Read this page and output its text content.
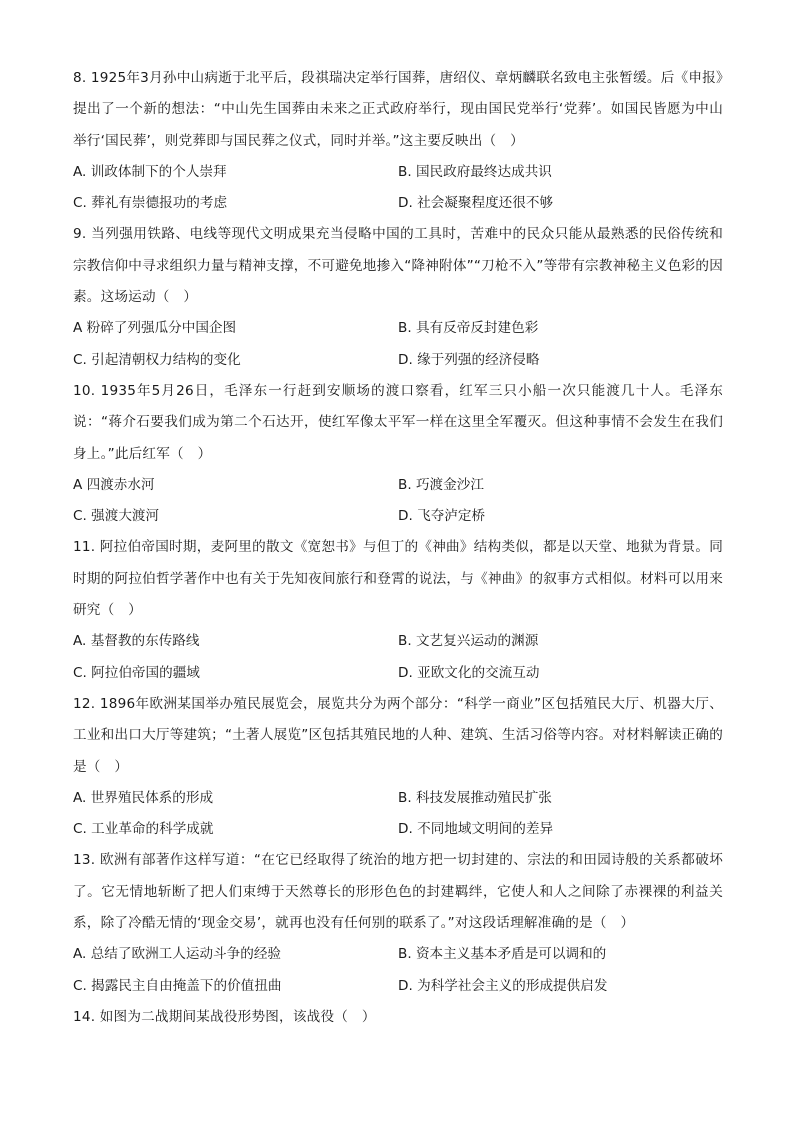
8. 1925年3月孙中山病逝于北平后，段祺瑞决定举行国葬，唐绍仪、章炳麟联名致电主张暂缓。后《申报》提出了一个新的想法：“中山先生国葬由未来之正式政府举行，现由国民党举行‘党葬’。如国民皆愿为中山举行‘国民葬’，则党葬即与国民葬之仪式，同时并举。”这主要反映出（　）
A. 训政体制下的个人崇拜	B. 国民政府最终达成共识
C. 葬礼有崇德报功的考虑	D. 社会凝聚程度还很不够
9. 当列强用铁路、电线等现代文明成果充当侵略中国的工具时，苦难中的民众只能从最熟悉的民俗传统和宗教信仰中寻求组织力量与精神支撑，不可避免地掺入“降神附体”“刀枪不入”等带有宗教神秘主义色彩的因素。这场运动（　）
A 粉碎了列强瓜分中国企图	B. 具有反帝反封建色彩
C. 引起清朝权力结构的变化	D. 缘于列强的经济侵略
10. 1935年5月26日，毛泽东一行赶到安顺场的渡口察看，红军三只小船一次只能渡几十人。毛泽东说：“蒋介石要我们成为第二个石达开，使红军像太平军一样在这里全军覆灭。但这种事情不会发生在我们身上。”此后红军（　）
A 四渡赤水河	B. 巧渡金沙江
C. 强渡大渡河	D. 飞夺泸定桥
11. 阿拉伯帝国时期，麦阿里的散文《宽恕书》与但丁的《神曲》结构类似，都是以天堂、地狱为背景。同时期的阿拉伯哲学著作中也有关于先知夜间旅行和登霄的说法，与《神曲》的叙事方式相似。材料可以用来研究（　）
A. 基督教的东传路线	B. 文艺复兴运动的渊源
C. 阿拉伯帝国的疆域	D. 亚欧文化的交流互动
12. 1896年欧洲某国举办殖民展览会，展览共分为两个部分：“科学一商业”区包括殖民大厅、机器大厅、工业和出口大厅等建筑；“土著人展览”区包括其殖民地的人种、建筑、生活习俗等内容。对材料解读正确的是（　）
A. 世界殖民体系的形成	B. 科技发展推动殖民扩张
C. 工业革命的科学成就	D. 不同地域文明间的差异
13. 欧洲有部著作这样写道：“在它已经取得了统治的地方把一切封建的、宗法的和田园诗般的关系都破坏了。它无情地斩断了把人们束缚于天然尊长的形形色色的封建羁绊，它使人和人之间除了赤裸裸的利益关系，除了冷酷无情的‘现金交易’，就再也没有任何别的联系了。”对这段话理解准确的是（　）
A. 总结了欧洲工人运动斗争的经验	B. 资本主义基本矛盾是可以调和的
C. 揭露民主自由掩盖下的价值扭曲	D. 为科学社会主义的形成提供启发
14. 如图为二战期间某战役形势图，该战役（　）
